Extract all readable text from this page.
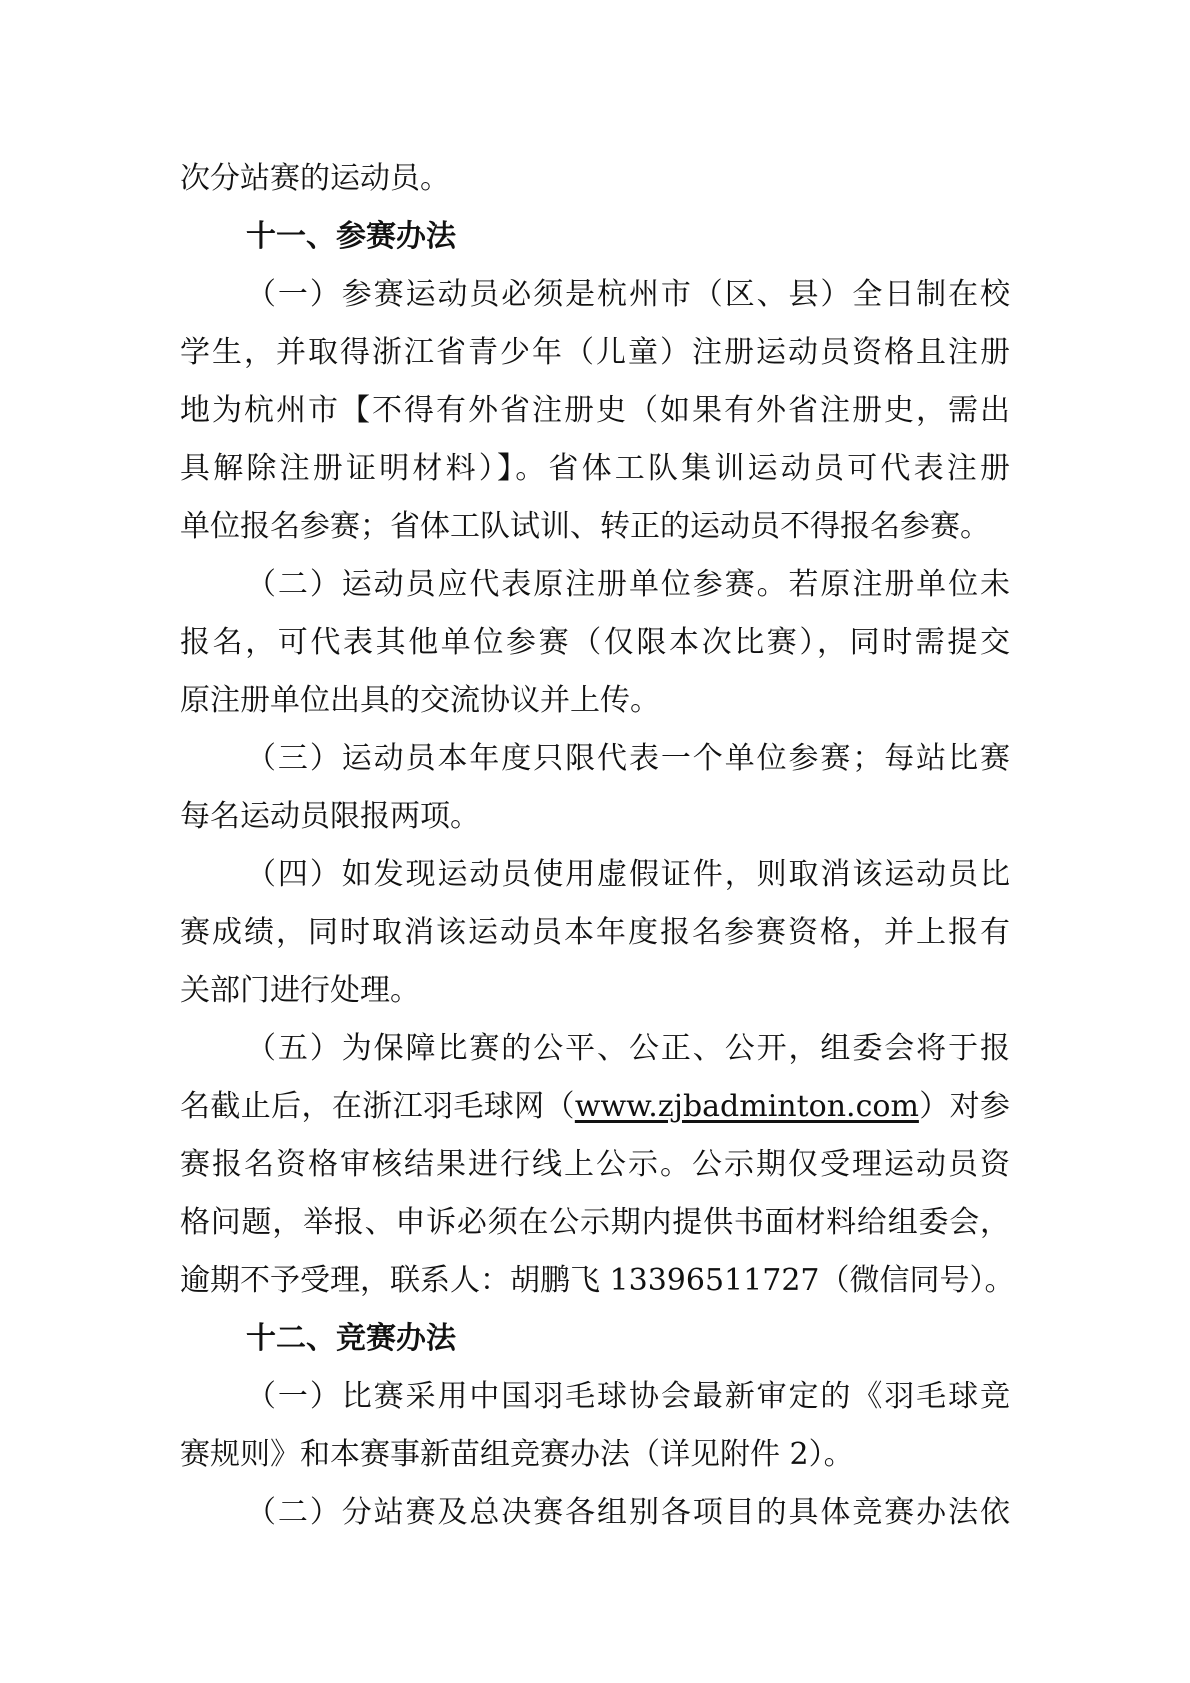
次分站赛的运动员。
十一、参赛办法
（一）参赛运动员必须是杭州市（区、县）全日制在校
学生，并取得浙江省青少年（儿童）注册运动员资格且注册
地为杭州市【不得有外省注册史（如果有外省注册史，需出
具解除注册证明材料）】。省体工队集训运动员可代表注册
单位报名参赛；省体工队试训、转正的运动员不得报名参赛。
（二）运动员应代表原注册单位参赛。若原注册单位未
报名，可代表其他单位参赛（仅限本次比赛），同时需提交
原注册单位出具的交流协议并上传。
（三）运动员本年度只限代表一个单位参赛；每站比赛
每名运动员限报两项。
（四）如发现运动员使用虚假证件，则取消该运动员比
赛成绩，同时取消该运动员本年度报名参赛资格，并上报有
关部门进行处理。
（五）为保障比赛的公平、公正、公开，组委会将于报
名截止后，在浙江羽毛球网（www.zjbadminton.com）对参
赛报名资格审核结果进行线上公示。公示期仅受理运动员资
格问题，举报、申诉必须在公示期内提供书面材料给组委会，
逾期不予受理，联系人：胡鹏飞 13396511727（微信同号）。
十二、竞赛办法
（一）比赛采用中国羽毛球协会最新审定的《羽毛球竞
赛规则》和本赛事新苗组竞赛办法（详见附件 2）。
（二）分站赛及总决赛各组别各项目的具体竞赛办法依
